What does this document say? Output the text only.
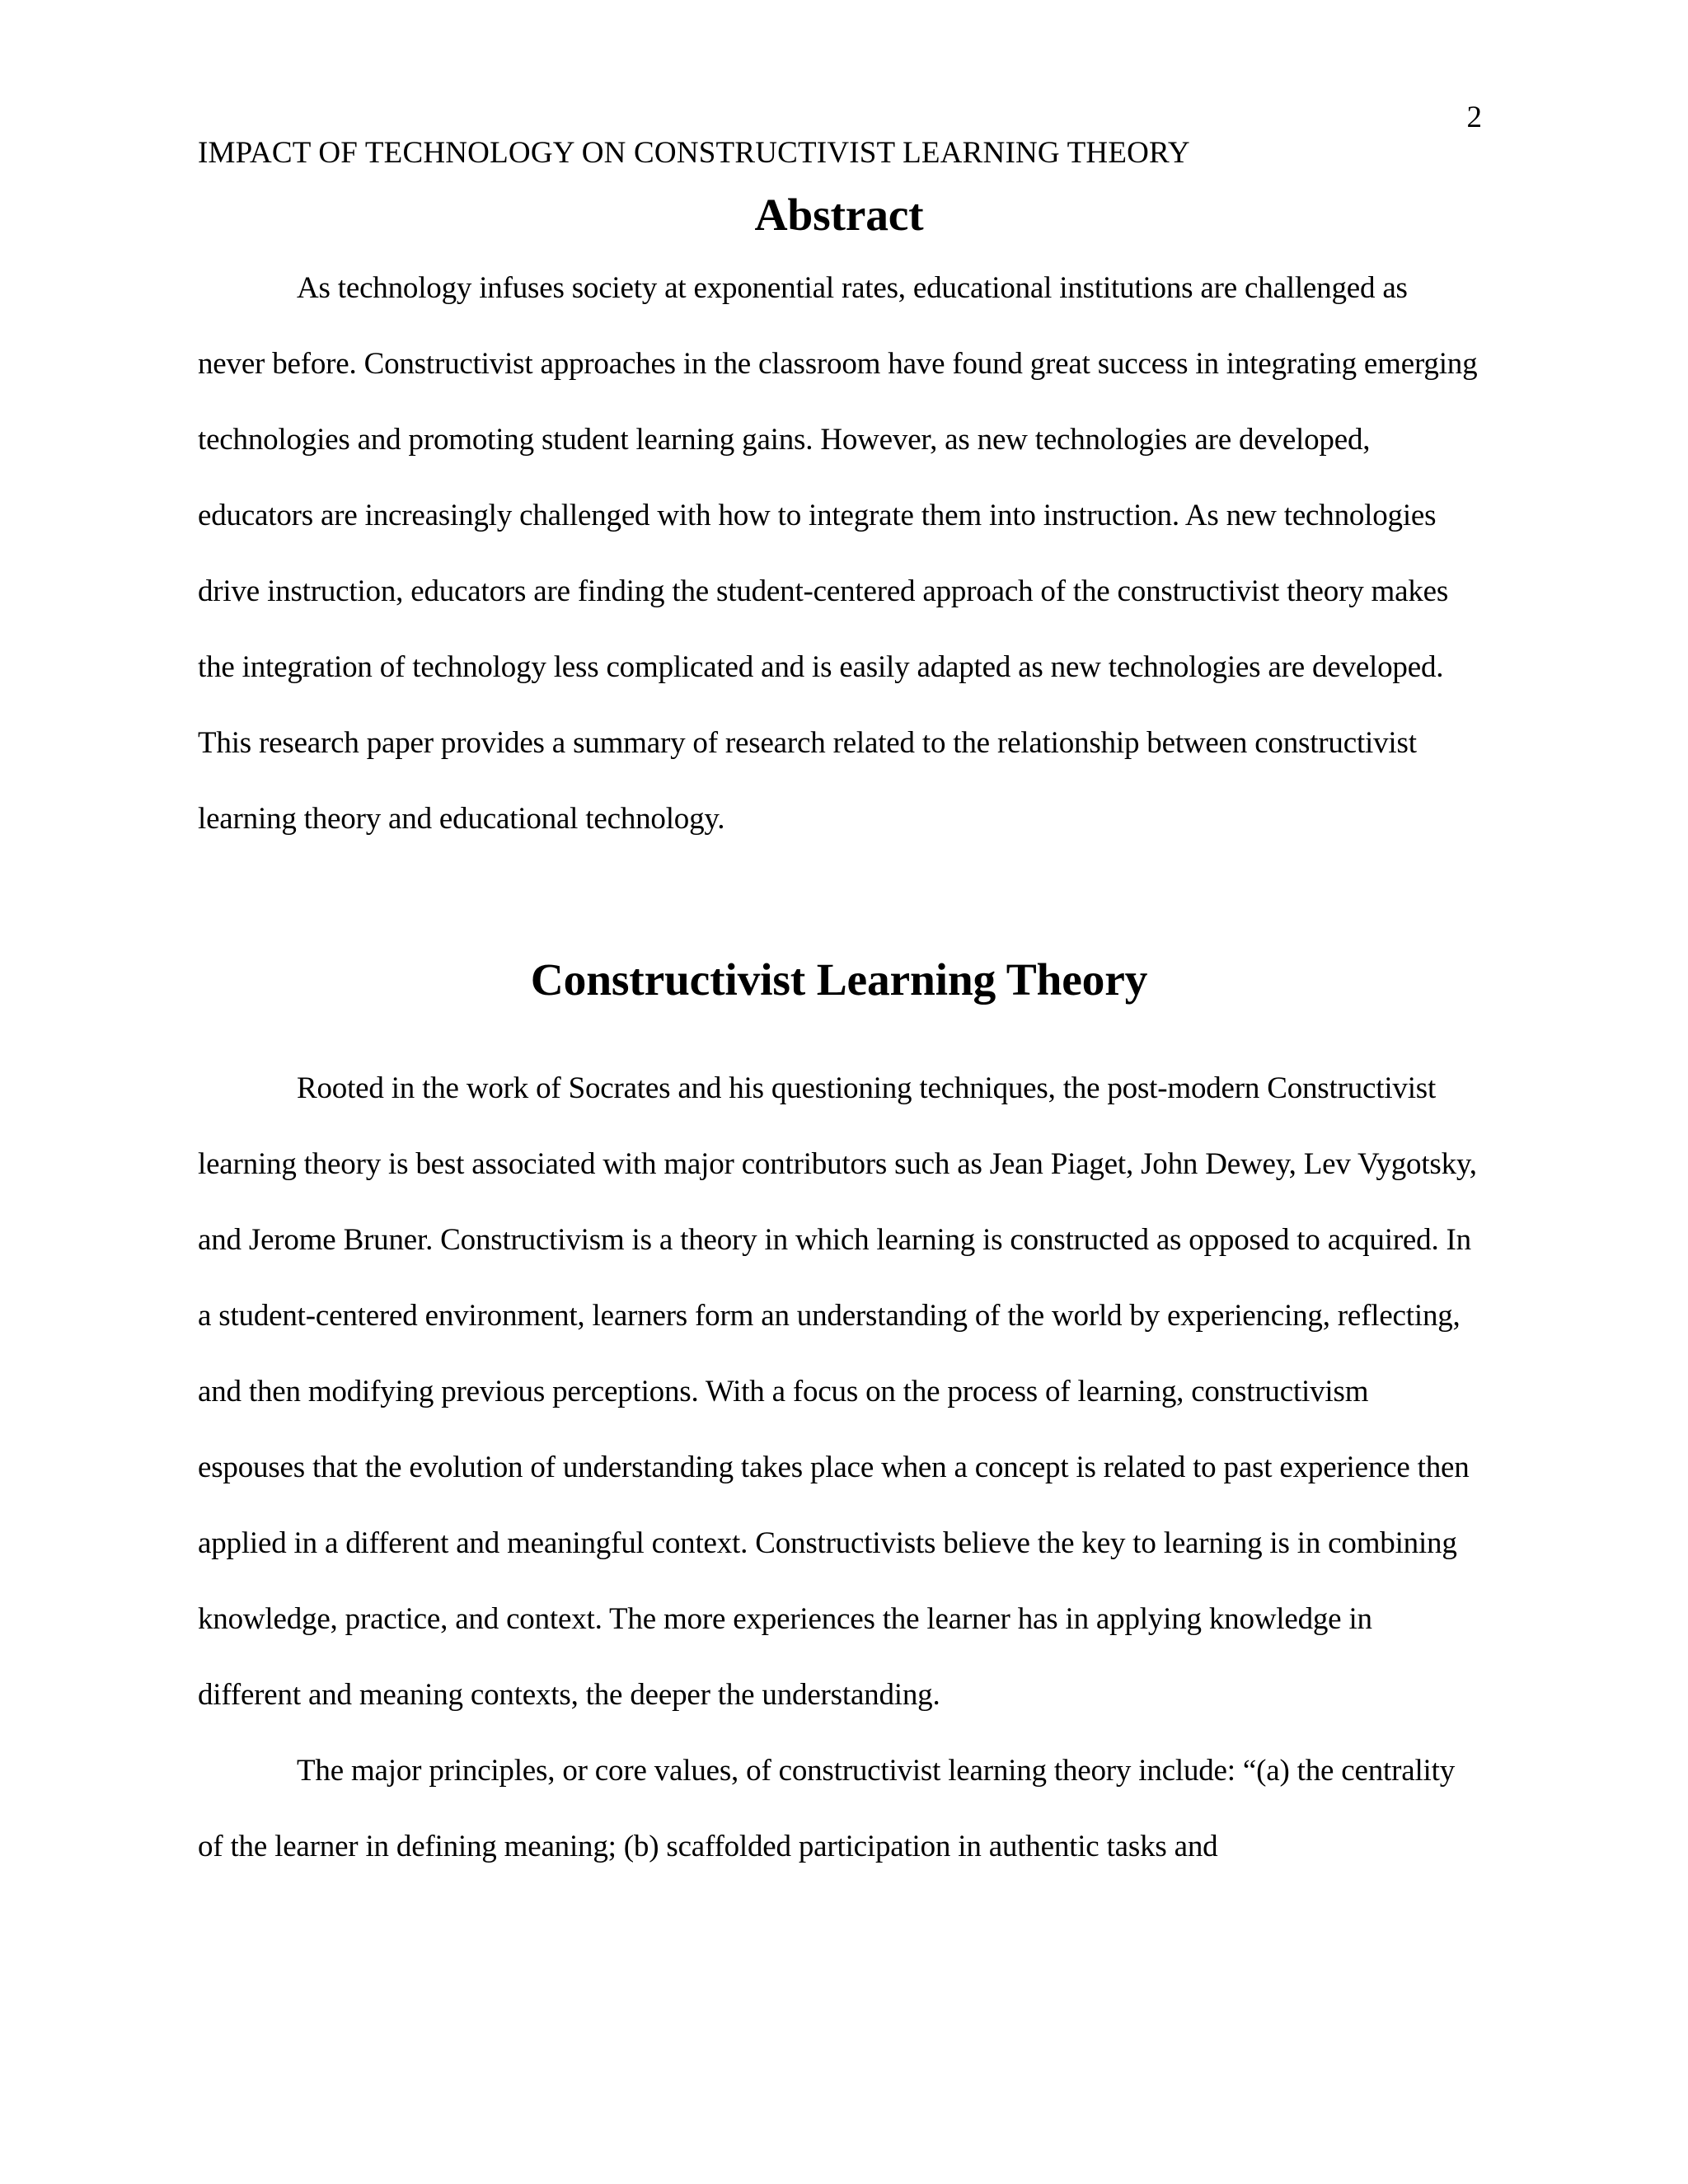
2
IMPACT OF TECHNOLOGY ON CONSTRUCTIVIST LEARNING THEORY
Abstract

As technology infuses society at exponential rates, educational institutions are challenged as never before. Constructivist approaches in the classroom have found great success in integrating emerging technologies and promoting student learning gains. However, as new technologies are developed, educators are increasingly challenged with how to integrate them into instruction. As new technologies drive instruction, educators are finding the student-centered approach of the constructivist theory makes the integration of technology less complicated and is easily adapted as new technologies are developed. This research paper provides a summary of research related to the relationship between constructivist learning theory and educational technology.

Constructivist Learning Theory

Rooted in the work of Socrates and his questioning techniques, the post-modern Constructivist learning theory is best associated with major contributors such as Jean Piaget, John Dewey, Lev Vygotsky, and Jerome Bruner. Constructivism is a theory in which learning is constructed as opposed to acquired. In a student-centered environment, learners form an understanding of the world by experiencing, reflecting, and then modifying previous perceptions. With a focus on the process of learning, constructivism espouses that the evolution of understanding takes place when a concept is related to past experience then applied in a different and meaningful context. Constructivists believe the key to learning is in combining knowledge, practice, and context. The more experiences the learner has in applying knowledge in different and meaning contexts, the deeper the understanding.

The major principles, or core values, of constructivist learning theory include: “(a) the centrality of the learner in defining meaning; (b) scaffolded participation in authentic tasks and
